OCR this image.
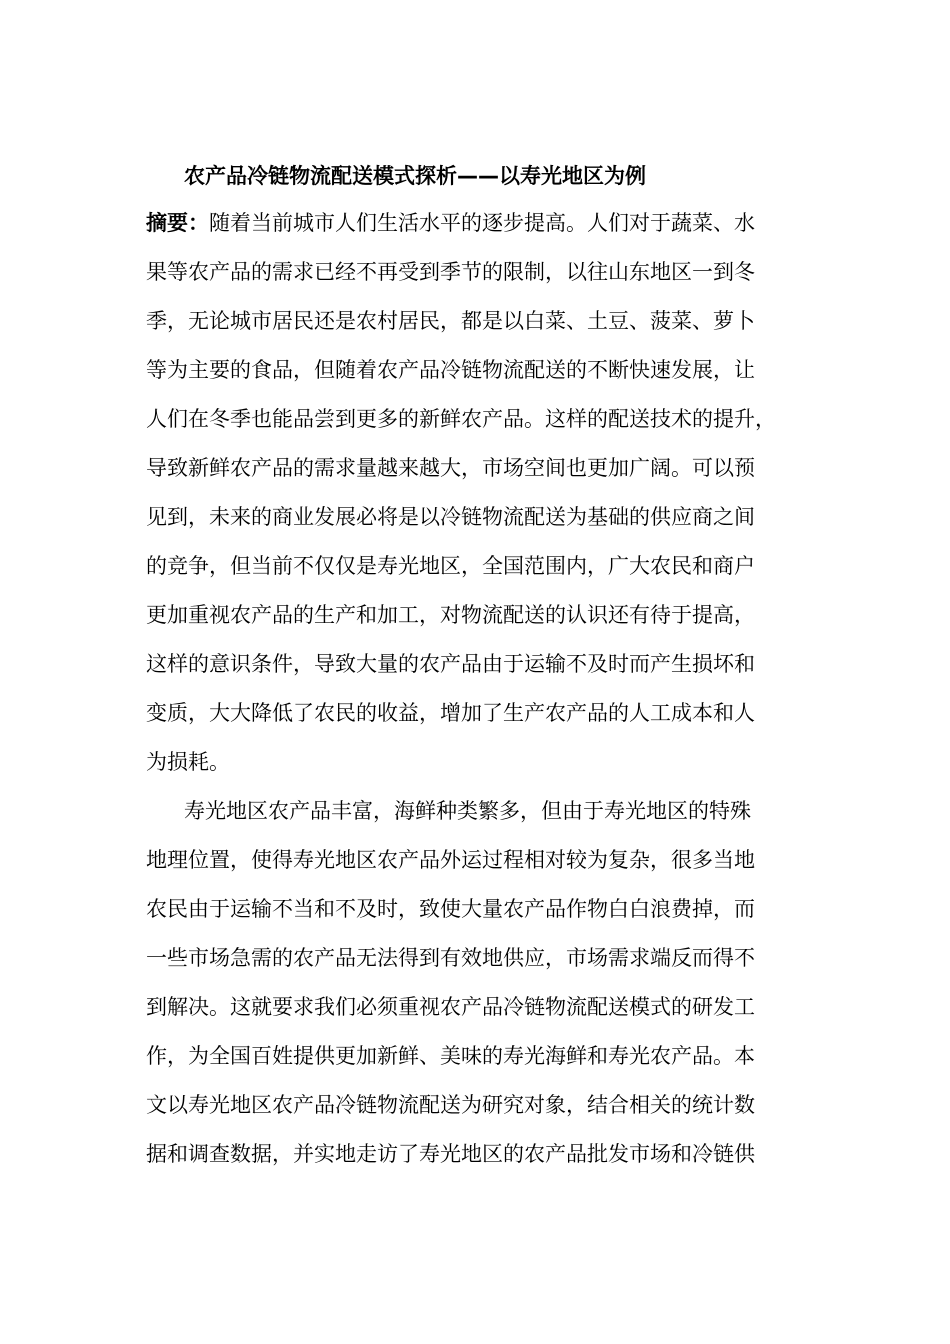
农产品冷链物流配送模式探析——以寿光地区为例
摘要：随着当前城市人们生活水平的逐步提高。人们对于蔬菜、水
果等农产品的需求已经不再受到季节的限制，以往山东地区一到冬
季，无论城市居民还是农村居民，都是以白菜、土豆、菠菜、萝卜
等为主要的食品，但随着农产品冷链物流配送的不断快速发展，让
人们在冬季也能品尝到更多的新鲜农产品。这样的配送技术的提升，
导致新鲜农产品的需求量越来越大，市场空间也更加广阔。可以预
见到，未来的商业发展必将是以冷链物流配送为基础的供应商之间
的竞争，但当前不仅仅是寿光地区，全国范围内，广大农民和商户
更加重视农产品的生产和加工，对物流配送的认识还有待于提高，
这样的意识条件，导致大量的农产品由于运输不及时而产生损坏和
变质，大大降低了农民的收益，增加了生产农产品的人工成本和人
为损耗。
寿光地区农产品丰富，海鲜种类繁多，但由于寿光地区的特殊
地理位置，使得寿光地区农产品外运过程相对较为复杂，很多当地
农民由于运输不当和不及时，致使大量农产品作物白白浪费掉，而
一些市场急需的农产品无法得到有效地供应，市场需求端反而得不
到解决。这就要求我们必须重视农产品冷链物流配送模式的研发工
作，为全国百姓提供更加新鲜、美味的寿光海鲜和寿光农产品。本
文以寿光地区农产品冷链物流配送为研究对象，结合相关的统计数
据和调查数据，并实地走访了寿光地区的农产品批发市场和冷链供
